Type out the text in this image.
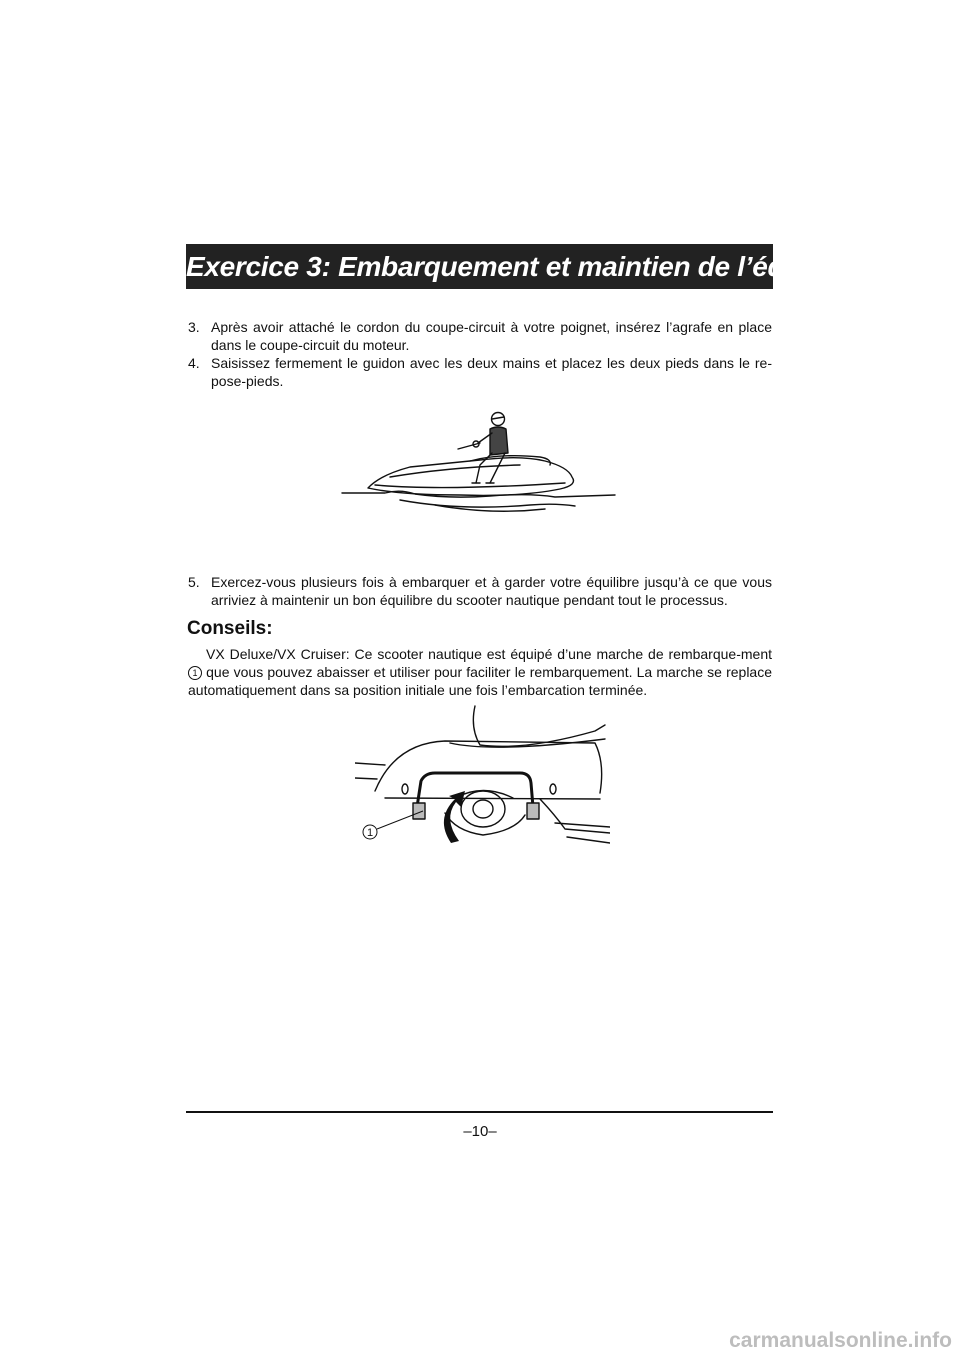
Exercice 3: Embarquement et maintien de l’équilibre
3. Après avoir attaché le cordon du coupe-circuit à votre poignet, insérez l’agrafe en place dans le coupe-circuit du moteur.
4. Saisissez fermement le guidon avec les deux mains et placez les deux pieds dans le re-pose-pieds.
5. Exercez-vous plusieurs fois à embarquer et à garder votre équilibre jusqu’à ce que vous arriviez à maintenir un bon équilibre du scooter nautique pendant tout le processus.
Conseils:

VX Deluxe/VX Cruiser: Ce scooter nautique est équipé d’une marche de rembarque-ment 1 que vous pouvez abaisser et utiliser pour faciliter le rembarquement. La marche se replace automatiquement dans sa position initiale une fois l’embarcation terminée.

1
–10–
carmanualsonline.info
